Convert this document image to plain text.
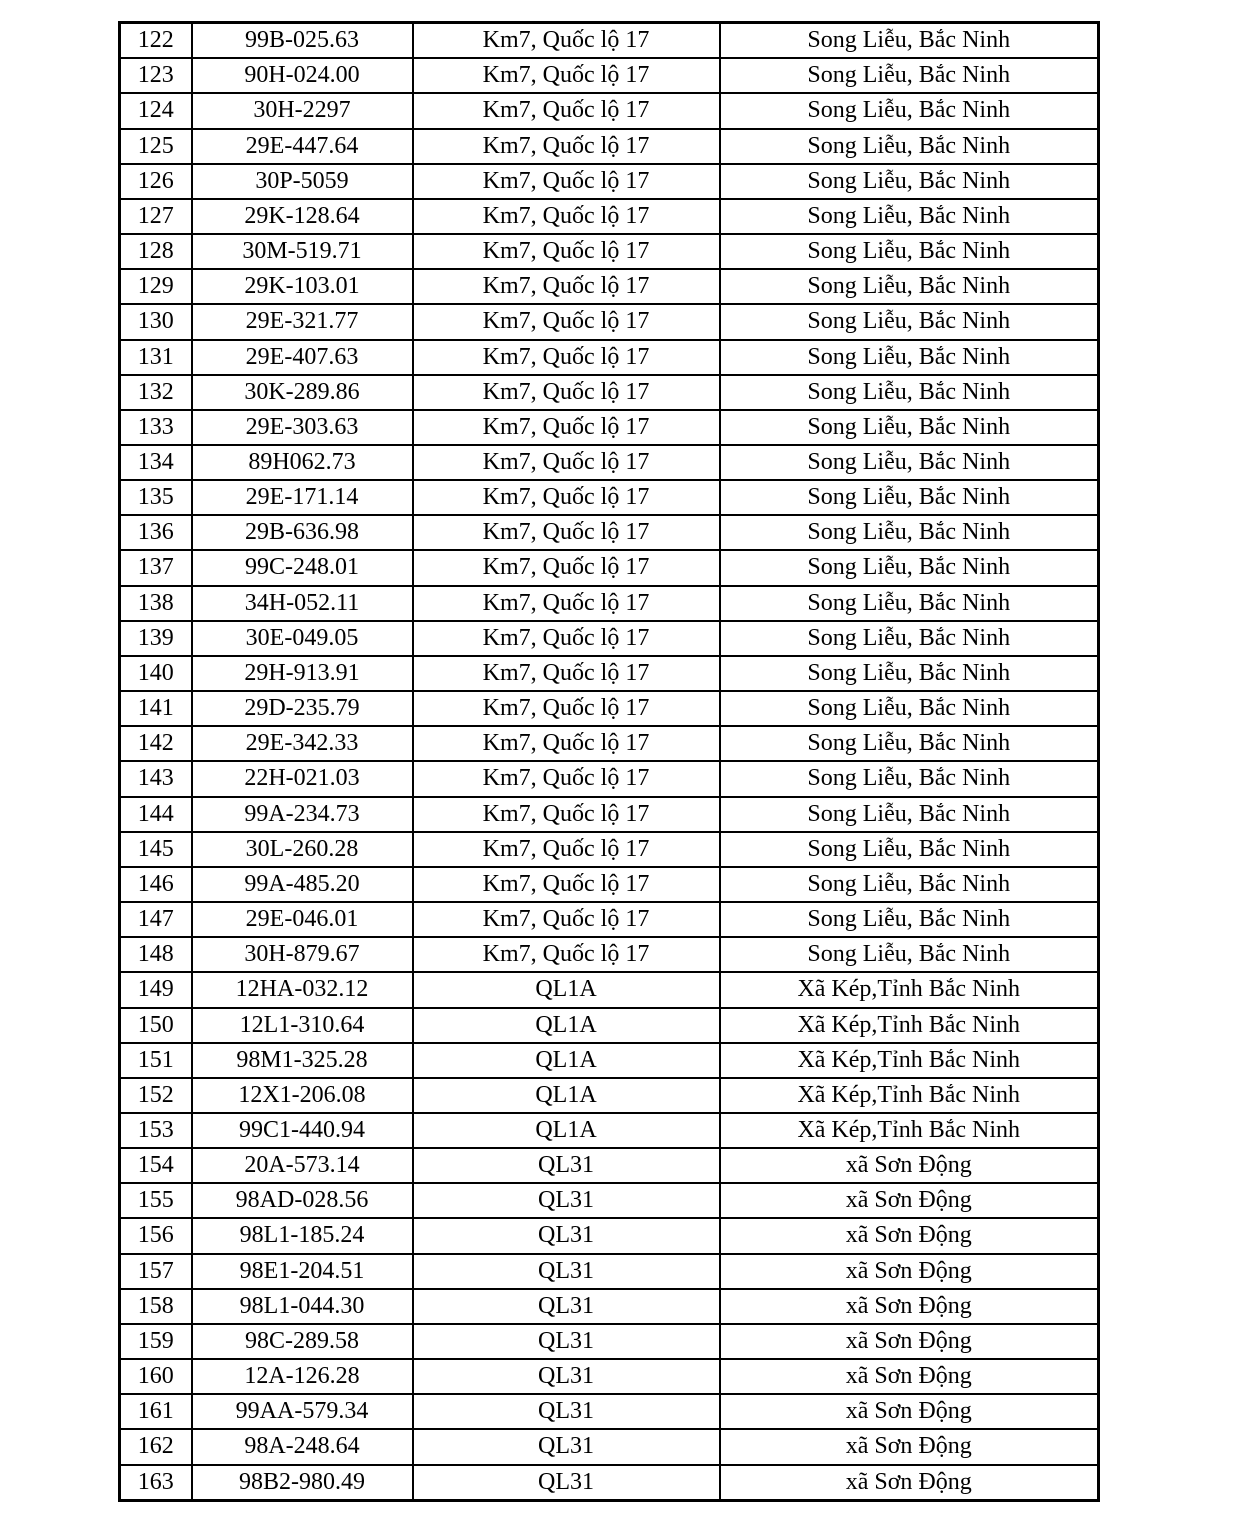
122	99B-025.63	Km7, Quốc lộ 17	Song Liễu, Bắc Ninh
123	90H-024.00	Km7, Quốc lộ 17	Song Liễu, Bắc Ninh
124	30H-2297	Km7, Quốc lộ 17	Song Liễu, Bắc Ninh
125	29E-447.64	Km7, Quốc lộ 17	Song Liễu, Bắc Ninh
126	30P-5059	Km7, Quốc lộ 17	Song Liễu, Bắc Ninh
127	29K-128.64	Km7, Quốc lộ 17	Song Liễu, Bắc Ninh
128	30M-519.71	Km7, Quốc lộ 17	Song Liễu, Bắc Ninh
129	29K-103.01	Km7, Quốc lộ 17	Song Liễu, Bắc Ninh
130	29E-321.77	Km7, Quốc lộ 17	Song Liễu, Bắc Ninh
131	29E-407.63	Km7, Quốc lộ 17	Song Liễu, Bắc Ninh
132	30K-289.86	Km7, Quốc lộ 17	Song Liễu, Bắc Ninh
133	29E-303.63	Km7, Quốc lộ 17	Song Liễu, Bắc Ninh
134	89H062.73	Km7, Quốc lộ 17	Song Liễu, Bắc Ninh
135	29E-171.14	Km7, Quốc lộ 17	Song Liễu, Bắc Ninh
136	29B-636.98	Km7, Quốc lộ 17	Song Liễu, Bắc Ninh
137	99C-248.01	Km7, Quốc lộ 17	Song Liễu, Bắc Ninh
138	34H-052.11	Km7, Quốc lộ 17	Song Liễu, Bắc Ninh
139	30E-049.05	Km7, Quốc lộ 17	Song Liễu, Bắc Ninh
140	29H-913.91	Km7, Quốc lộ 17	Song Liễu, Bắc Ninh
141	29D-235.79	Km7, Quốc lộ 17	Song Liễu, Bắc Ninh
142	29E-342.33	Km7, Quốc lộ 17	Song Liễu, Bắc Ninh
143	22H-021.03	Km7, Quốc lộ 17	Song Liễu, Bắc Ninh
144	99A-234.73	Km7, Quốc lộ 17	Song Liễu, Bắc Ninh
145	30L-260.28	Km7, Quốc lộ 17	Song Liễu, Bắc Ninh
146	99A-485.20	Km7, Quốc lộ 17	Song Liễu, Bắc Ninh
147	29E-046.01	Km7, Quốc lộ 17	Song Liễu, Bắc Ninh
148	30H-879.67	Km7, Quốc lộ 17	Song Liễu, Bắc Ninh
149	12HA-032.12	QL1A	Xã Kép,Tỉnh Bắc Ninh
150	12L1-310.64	QL1A	Xã Kép,Tỉnh Bắc Ninh
151	98M1-325.28	QL1A	Xã Kép,Tỉnh Bắc Ninh
152	12X1-206.08	QL1A	Xã Kép,Tỉnh Bắc Ninh
153	99C1-440.94	QL1A	Xã Kép,Tỉnh Bắc Ninh
154	20A-573.14	QL31	xã Sơn Động
155	98AD-028.56	QL31	xã Sơn Động
156	98L1-185.24	QL31	xã Sơn Động
157	98E1-204.51	QL31	xã Sơn Động
158	98L1-044.30	QL31	xã Sơn Động
159	98C-289.58	QL31	xã Sơn Động
160	12A-126.28	QL31	xã Sơn Động
161	99AA-579.34	QL31	xã Sơn Động
162	98A-248.64	QL31	xã Sơn Động
163	98B2-980.49	QL31	xã Sơn Động
